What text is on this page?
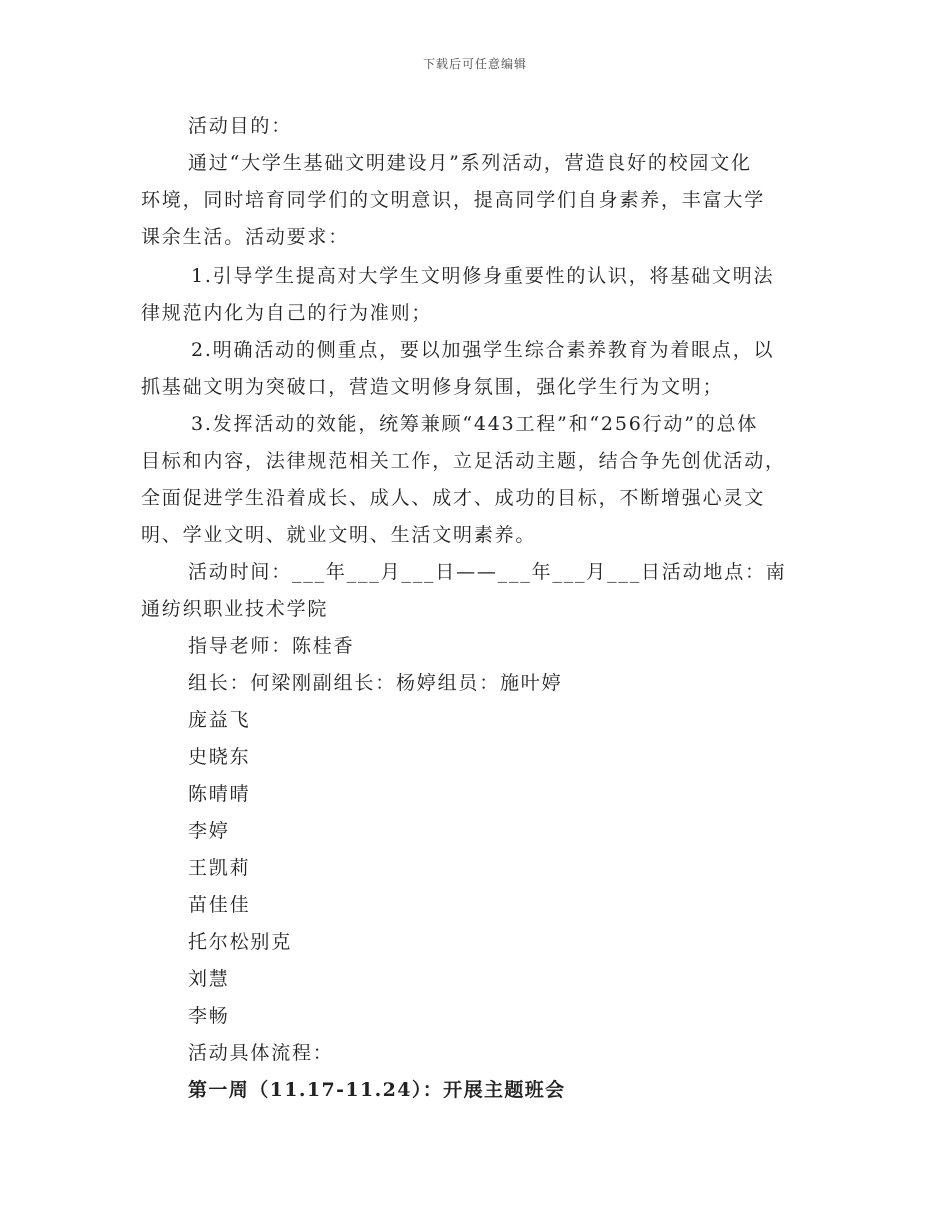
下载后可任意编辑
活动目的：
通过“大学生基础文明建设月”系列活动，营造良好的校园文化
环境，同时培育同学们的文明意识，提高同学们自身素养，丰富大学
课余生活。活动要求：
1.引导学生提高对大学生文明修身重要性的认识，将基础文明法
律规范内化为自己的行为准则；
2.明确活动的侧重点，要以加强学生综合素养教育为着眼点，以
抓基础文明为突破口，营造文明修身氛围，强化学生行为文明；
3.发挥活动的效能，统筹兼顾“443工程”和“256行动”的总体
目标和内容，法律规范相关工作，立足活动主题，结合争先创优活动，
全面促进学生沿着成长、成人、成才、成功的目标，不断增强心灵文
明、学业文明、就业文明、生活文明素养。
活动时间：___年___月___日——___年___月___日活动地点：南
通纺织职业技术学院
指导老师：陈桂香
组长：何梁刚副组长：杨婷组员：施叶婷
庞益飞
史晓东
陈晴晴
李婷
王凯莉
苗佳佳
托尔松别克
刘慧
李畅
活动具体流程：
第一周（11.17-11.24）：开展主题班会
